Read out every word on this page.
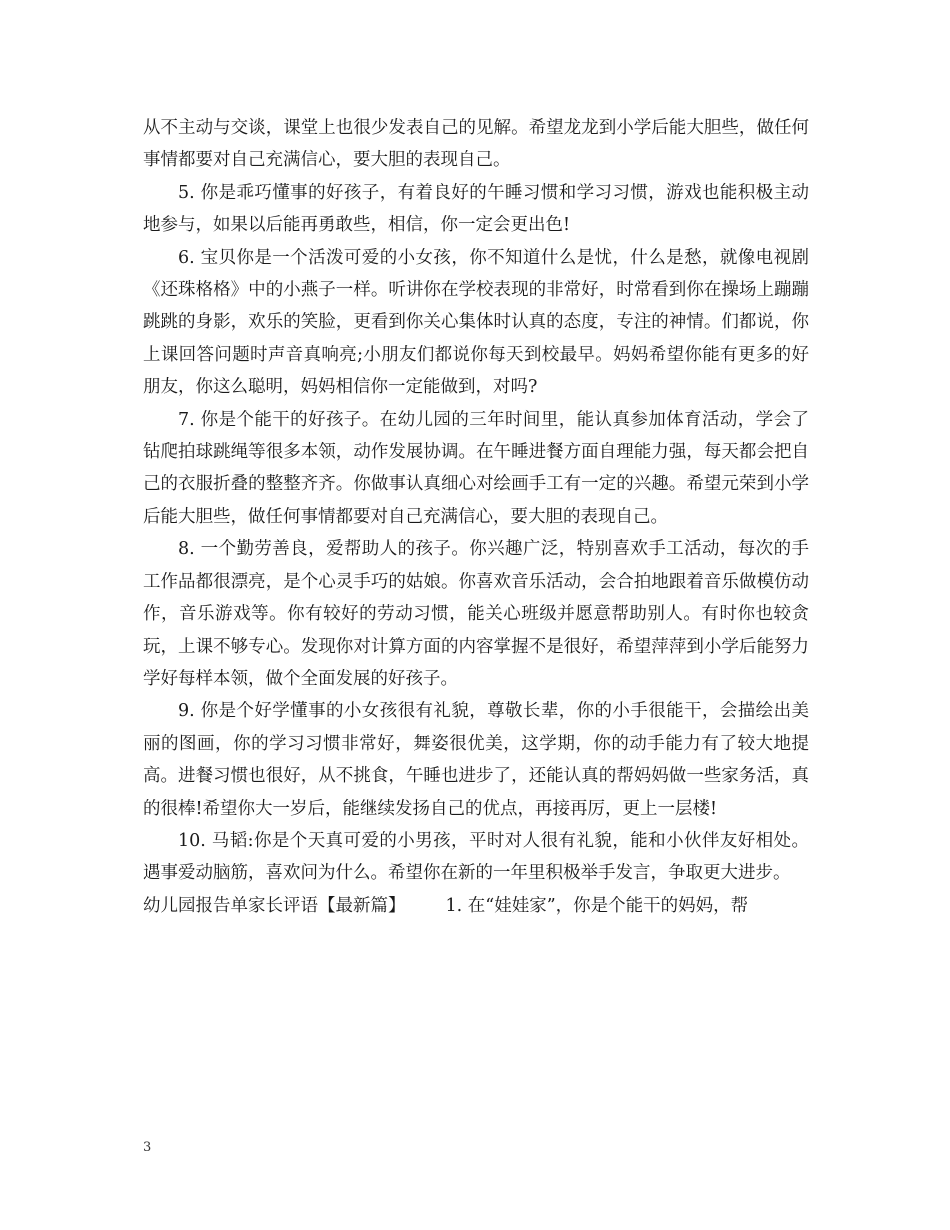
从不主动与交谈，课堂上也很少发表自己的见解。希望龙龙到小学后能大胆些，做任何事情都要对自己充满信心，要大胆的表现自己。

5. 你是乖巧懂事的好孩子，有着良好的午睡习惯和学习习惯，游戏也能积极主动地参与，如果以后能再勇敢些，相信，你一定会更出色!

6. 宝贝你是一个活泼可爱的小女孩，你不知道什么是忧，什么是愁，就像电视剧《还珠格格》中的小燕子一样。听讲你在学校表现的非常好，时常看到你在操场上蹦蹦跳跳的身影，欢乐的笑脸，更看到你关心集体时认真的态度，专注的神情。们都说，你上课回答问题时声音真响亮;小朋友们都说你每天到校最早。妈妈希望你能有更多的好朋友，你这么聪明，妈妈相信你一定能做到，对吗?

7. 你是个能干的好孩子。在幼儿园的三年时间里，能认真参加体育活动，学会了钻爬拍球跳绳等很多本领，动作发展协调。在午睡进餐方面自理能力强，每天都会把自己的衣服折叠的整整齐齐。你做事认真细心对绘画手工有一定的兴趣。希望元荣到小学后能大胆些，做任何事情都要对自己充满信心，要大胆的表现自己。

8. 一个勤劳善良，爱帮助人的孩子。你兴趣广泛，特别喜欢手工活动，每次的手工作品都很漂亮，是个心灵手巧的姑娘。你喜欢音乐活动，会合拍地跟着音乐做模仿动作，音乐游戏等。你有较好的劳动习惯，能关心班级并愿意帮助别人。有时你也较贪玩，上课不够专心。发现你对计算方面的内容掌握不是很好，希望萍萍到小学后能努力学好每样本领，做个全面发展的好孩子。

9. 你是个好学懂事的小女孩很有礼貌，尊敬长辈，你的小手很能干，会描绘出美丽的图画，你的学习习惯非常好，舞姿很优美，这学期，你的动手能力有了较大地提高。进餐习惯也很好，从不挑食，午睡也进步了，还能认真的帮妈妈做一些家务活，真的很棒!希望你大一岁后，能继续发扬自己的优点，再接再厉，更上一层楼!

10. 马韬:你是个天真可爱的小男孩，平时对人很有礼貌，能和小伙伴友好相处。遇事爱动脑筋，喜欢问为什么。希望你在新的一年里积极举手发言，争取更大进步。

幼儿园报告单家长评语【最新篇】 1. 在“娃娃家”，你是个能干的妈妈，帮

3
